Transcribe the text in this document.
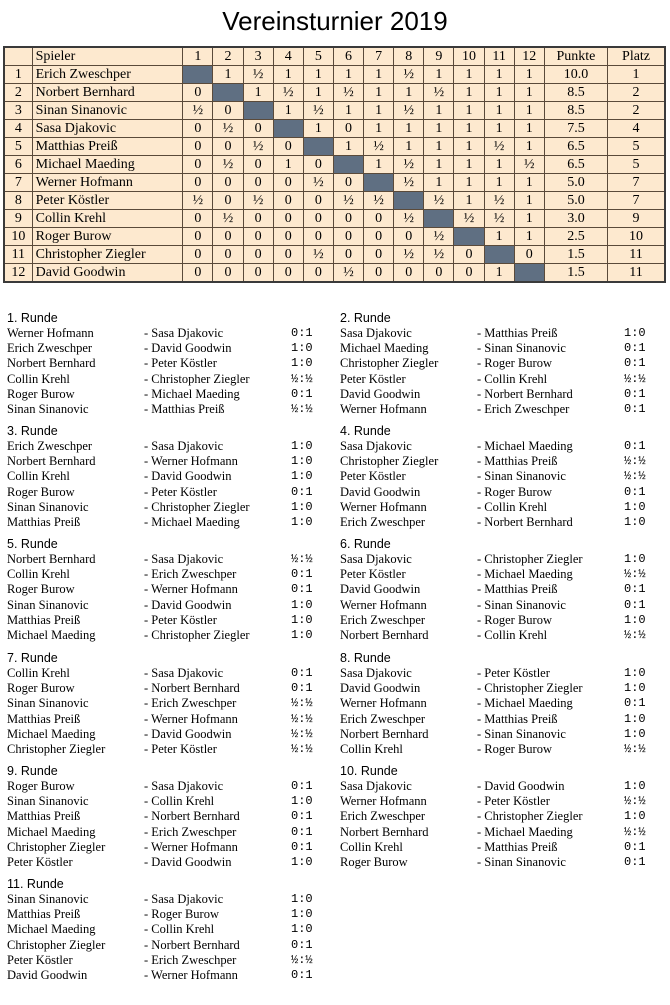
Vereinsturnier 2019
	Spieler	1	2	3	4	5	6	7	8	9	10	11	12	Punkte	Platz
1	Erich Zweschper		1	½	1	1	1	1	½	1	1	1	1	10.0	1
2	Norbert Bernhard	0		1	½	1	½	1	1	½	1	1	1	8.5	2
3	Sinan Sinanovic	½	0		1	½	1	1	½	1	1	1	1	8.5	2
4	Sasa Djakovic	0	½	0		1	0	1	1	1	1	1	1	7.5	4
5	Matthias Preiß	0	0	½	0		1	½	1	1	1	½	1	6.5	5
6	Michael Maeding	0	½	0	1	0		1	½	1	1	1	½	6.5	5
7	Werner Hofmann	0	0	0	0	½	0		½	1	1	1	1	5.0	7
8	Peter Köstler	½	0	½	0	0	½	½		½	1	½	1	5.0	7
9	Collin Krehl	0	½	0	0	0	0	0	½		½	½	1	3.0	9
10	Roger Burow	0	0	0	0	0	0	0	0	½		1	1	2.5	10
11	Christopher Ziegler	0	0	0	0	½	0	0	½	½	0		0	1.5	11
12	David Goodwin	0	0	0	0	0	½	0	0	0	0	1		1.5	11
1. Runde
Werner Hofmann	- Sasa Djakovic	0:1
Erich Zweschper	- David Goodwin	1:0
Norbert Bernhard	- Peter Köstler	1:0
Collin Krehl	- Christopher Ziegler	½:½
Roger Burow	- Michael Maeding	0:1
Sinan Sinanovic	- Matthias Preiß	½:½
2. Runde
Sasa Djakovic	- Matthias Preiß	1:0
Michael Maeding	- Sinan Sinanovic	0:1
Christopher Ziegler	- Roger Burow	0:1
Peter Köstler	- Collin Krehl	½:½
David Goodwin	- Norbert Bernhard	0:1
Werner Hofmann	- Erich Zweschper	0:1
3. Runde
Erich Zweschper	- Sasa Djakovic	1:0
Norbert Bernhard	- Werner Hofmann	1:0
Collin Krehl	- David Goodwin	1:0
Roger Burow	- Peter Köstler	0:1
Sinan Sinanovic	- Christopher Ziegler	1:0
Matthias Preiß	- Michael Maeding	1:0
4. Runde
Sasa Djakovic	- Michael Maeding	0:1
Christopher Ziegler	- Matthias Preiß	½:½
Peter Köstler	- Sinan Sinanovic	½:½
David Goodwin	- Roger Burow	0:1
Werner Hofmann	- Collin Krehl	1:0
Erich Zweschper	- Norbert Bernhard	1:0
5. Runde
Norbert Bernhard	- Sasa Djakovic	½:½
Collin Krehl	- Erich Zweschper	0:1
Roger Burow	- Werner Hofmann	0:1
Sinan Sinanovic	- David Goodwin	1:0
Matthias Preiß	- Peter Köstler	1:0
Michael Maeding	- Christopher Ziegler	1:0
6. Runde
Sasa Djakovic	- Christopher Ziegler	1:0
Peter Köstler	- Michael Maeding	½:½
David Goodwin	- Matthias Preiß	0:1
Werner Hofmann	- Sinan Sinanovic	0:1
Erich Zweschper	- Roger Burow	1:0
Norbert Bernhard	- Collin Krehl	½:½
7. Runde
Collin Krehl	- Sasa Djakovic	0:1
Roger Burow	- Norbert Bernhard	0:1
Sinan Sinanovic	- Erich Zweschper	½:½
Matthias Preiß	- Werner Hofmann	½:½
Michael Maeding	- David Goodwin	½:½
Christopher Ziegler	- Peter Köstler	½:½
8. Runde
Sasa Djakovic	- Peter Köstler	1:0
David Goodwin	- Christopher Ziegler	1:0
Werner Hofmann	- Michael Maeding	0:1
Erich Zweschper	- Matthias Preiß	1:0
Norbert Bernhard	- Sinan Sinanovic	1:0
Collin Krehl	- Roger Burow	½:½
9. Runde
Roger Burow	- Sasa Djakovic	0:1
Sinan Sinanovic	- Collin Krehl	1:0
Matthias Preiß	- Norbert Bernhard	0:1
Michael Maeding	- Erich Zweschper	0:1
Christopher Ziegler	- Werner Hofmann	0:1
Peter Köstler	- David Goodwin	1:0
10. Runde
Sasa Djakovic	- David Goodwin	1:0
Werner Hofmann	- Peter Köstler	½:½
Erich Zweschper	- Christopher Ziegler	1:0
Norbert Bernhard	- Michael Maeding	½:½
Collin Krehl	- Matthias Preiß	0:1
Roger Burow	- Sinan Sinanovic	0:1
11. Runde
Sinan Sinanovic	- Sasa Djakovic	1:0
Matthias Preiß	- Roger Burow	1:0
Michael Maeding	- Collin Krehl	1:0
Christopher Ziegler	- Norbert Bernhard	0:1
Peter Köstler	- Erich Zweschper	½:½
David Goodwin	- Werner Hofmann	0:1
